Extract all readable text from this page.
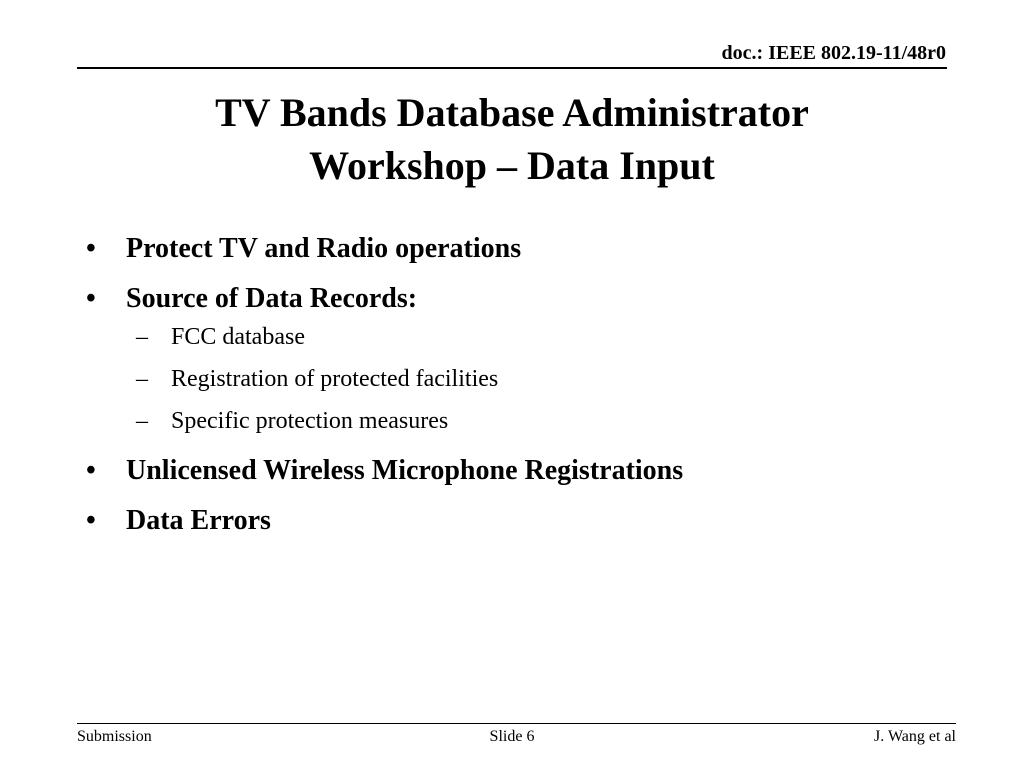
doc.: IEEE 802.19-11/48r0
TV Bands Database Administrator
Workshop – Data Input
• Protect TV and Radio operations
• Source of Data Records:
– FCC database
– Registration of protected facilities
– Specific protection measures
• Unlicensed Wireless Microphone Registrations
• Data Errors
Submission	Slide 6	J. Wang et al
